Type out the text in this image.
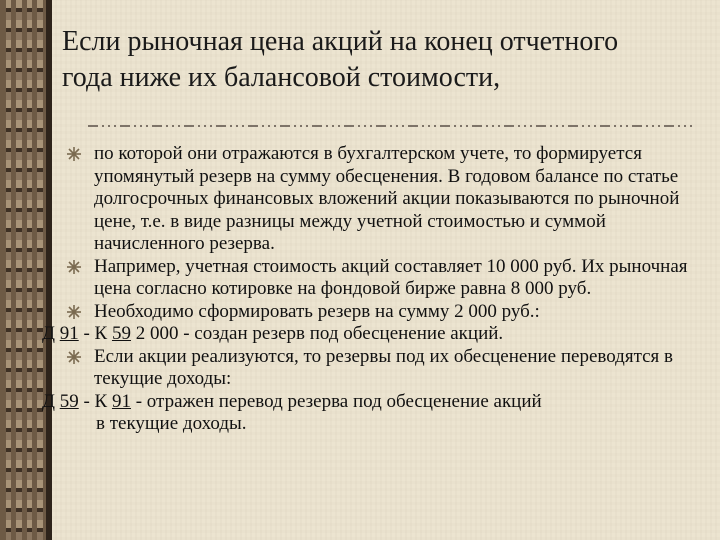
Если рыночная цена акций на конец отчетного
года ниже их балансовой стоимости,
по которой они отражаются в бухгалтерском учете, то формируется упомянутый резерв на сумму обесценения. В годовом балансе по статье долгосрочных финансовых вложений акции показываются по рыночной цене, т.е. в виде разницы между учетной стоимостью и суммой начисленного резерва.
Например, учетная стоимость акций составляет 10 000 руб. Их рыночная цена согласно котировке на фондовой бирже равна 8 000 руб.
Необходимо сформировать резерв на сумму 2 000 руб.:
Д 91 - К 59 2 000 - создан резерв под обесценение акций.
Если акции реализуются, то резервы под их обесценение переводятся в текущие доходы:
Д 59 - К 91 - отражен перевод резерва под обесценение акций
в текущие доходы.
